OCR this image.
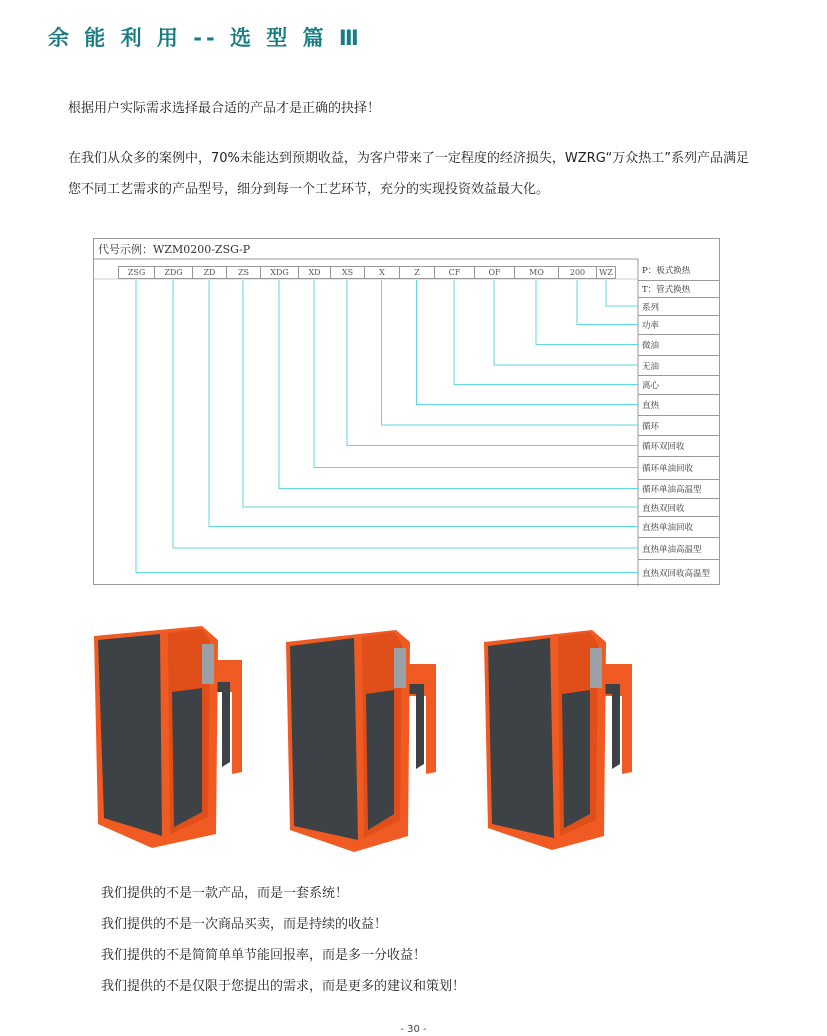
余 能 利 用 -- 选 型 篇 Ⅲ
根据用户实际需求选择最合适的产品才是正确的抉择！
在我们从众多的案例中，70%未能达到预期收益，为客户带来了一定程度的经济损失，WZRG“万众热工”系列产品满足
您不同工艺需求的产品型号，细分到每一个工艺环节，充分的实现投资效益最大化。
代号示例：WZM0200-ZSG-P
ZSG	ZDG	ZD	ZS	XDG	XD	XS	X	Z	CF	OF	MO	200	WZ	P：板式换热
T：管式换热
系列
功率
微油
无油
离心
直热
循环
循环双回收
循环单油回收
循环单油高温型
直热双回收
直热单油回收
直热单油高温型
直热双回收高温型
我们提供的不是一款产品，而是一套系统！
我们提供的不是一次商品买卖，而是持续的收益！
我们提供的不是简简单单节能回报率，而是多一分收益！
我们提供的不是仅限于您提出的需求，而是更多的建议和策划！
- 30 -
